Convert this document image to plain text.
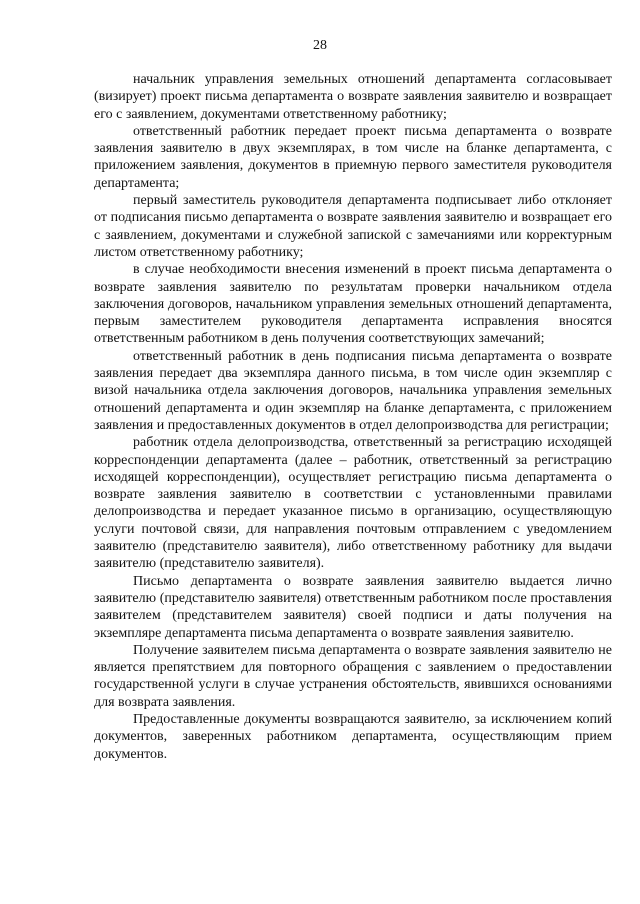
28

начальник управления земельных отношений департамента согласовывает (визирует) проект письма департамента о возврате заявления заявителю и возвращает его с заявлением, документами ответственному работнику;

ответственный работник передает проект письма департамента о возврате заявления заявителю в двух экземплярах, в том числе на бланке департамента, с приложением заявления, документов в приемную первого заместителя руководителя департамента;

первый заместитель руководителя департамента подписывает либо отклоняет от подписания письмо департамента о возврате заявления заявителю и возвращает его с заявлением, документами и служебной запиской с замечаниями или корректурным листом ответственному работнику;

в случае необходимости внесения изменений в проект письма департамента о возврате заявления заявителю по результатам проверки начальником отдела заключения договоров, начальником управления земельных отношений департамента, первым заместителем руководителя департамента исправления вносятся ответственным работником в день получения соответствующих замечаний;

ответственный работник в день подписания письма департамента о возврате заявления передает два экземпляра данного письма, в том числе один экземпляр с визой начальника отдела заключения договоров, начальника управления земельных отношений департамента и один экземпляр на бланке департамента, с приложением заявления и предоставленных документов в отдел делопроизводства для регистрации;

работник отдела делопроизводства, ответственный за регистрацию исходящей корреспонденции департамента (далее – работник, ответственный за регистрацию исходящей корреспонденции), осуществляет регистрацию письма департамента о возврате заявления заявителю в соответствии с установленными правилами делопроизводства и передает указанное письмо в организацию, осуществляющую услуги почтовой связи, для направления почтовым отправлением с уведомлением заявителю (представителю заявителя), либо ответственному работнику для выдачи заявителю (представителю заявителя).

Письмо департамента о возврате заявления заявителю выдается лично заявителю (представителю заявителя) ответственным работником после проставления заявителем (представителем заявителя) своей подписи и даты получения на экземпляре департамента письма департамента о возврате заявления заявителю.

Получение заявителем письма департамента о возврате заявления заявителю не является препятствием для повторного обращения с заявлением о предоставлении государственной услуги в случае устранения обстоятельств, явившихся основаниями для возврата заявления.

Предоставленные документы возвращаются заявителю, за исключением копий документов, заверенных работником департамента, осуществляющим прием документов.
